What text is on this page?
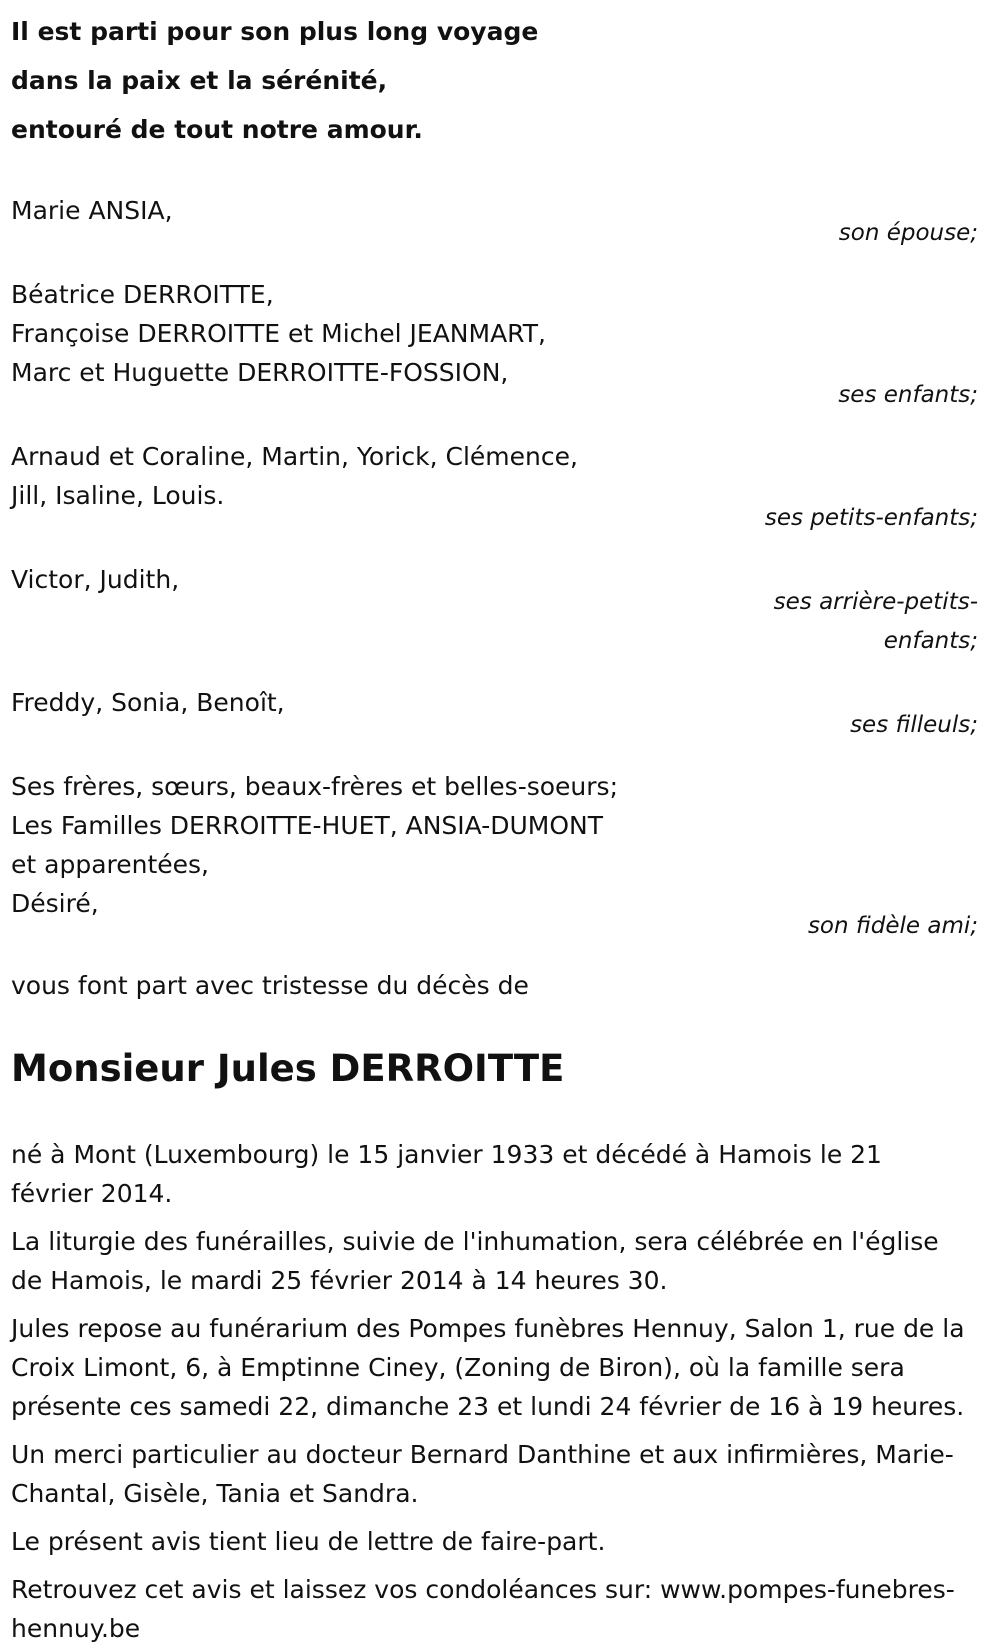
Il est parti pour son plus long voyage
dans la paix et la sérénité,
entouré de tout notre amour.
Marie ANSIA,
son épouse;
Béatrice DERROITTE,
Françoise DERROITTE et Michel JEANMART,
Marc et Huguette DERROITTE-FOSSION,
ses enfants;
Arnaud et Coraline, Martin, Yorick, Clémence,
Jill, Isaline, Louis.
ses petits-enfants;
Victor, Judith,
ses arrière-petits-enfants;
Freddy, Sonia, Benoît,
ses filleuls;
Ses frères, sœurs, beaux-frères et belles-soeurs;
Les Familles DERROITTE-HUET, ANSIA-DUMONT
et apparentées,
Désiré,
son fidèle ami;
vous font part avec tristesse du décès de
Monsieur Jules DERROITTE

né à Mont (Luxembourg) le 15 janvier 1933 et décédé à Hamois le 21 février 2014.

La liturgie des funérailles, suivie de l'inhumation, sera célébrée en l'église de Hamois, le mardi 25 février 2014 à 14 heures 30.

Jules repose au funérarium des Pompes funèbres Hennuy, Salon 1, rue de la Croix Limont, 6, à Emptinne Ciney, (Zoning de Biron), où la famille sera présente ces samedi 22, dimanche 23 et lundi 24 février de 16 à 19 heures.

Un merci particulier au docteur Bernard Danthine et aux infirmières, Marie-Chantal, Gisèle, Tania et Sandra.

Le présent avis tient lieu de lettre de faire-part.

Retrouvez cet avis et laissez vos condoléances sur: www.pompes-funebres-hennuy.be
